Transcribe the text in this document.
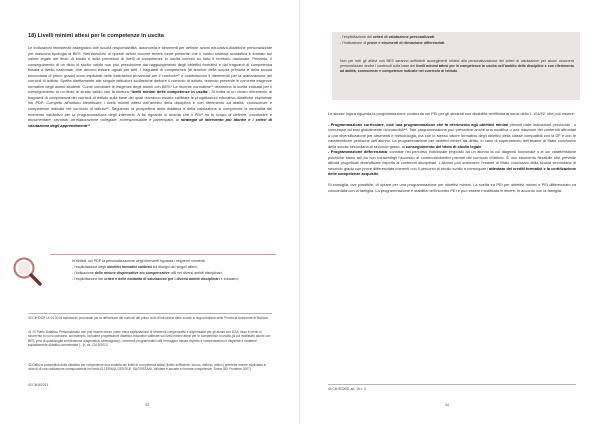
18) Livelli minimi attesi per le competenze in uscita

Le indicazioni ministeriali assegnano alle scuola responsabilità, autonomia e strumenti per definire azioni educativo-didattiche personalizzate per ciascuna tipologia di BES. Nell’esercizio di queste azioni occorre tenere bene presente che il nostro sistema scolastico è fondato sul valore legale del titolo di studio e sulle previsioni di livelli di competenze in uscita comuni su tutto il territorio nazionale. Pertanto, il conseguimento di un titolo di studio valido non può prescindere dal raggiungimento degli obiettivi formativi e dal traguardi di competenza fissata a livello nazionale, che devono essere uguali per tutti. I traguardi di competenza (al termine della scuola primaria e della scuola secondaria di primo grado) sono esplicitati nelle Indicazioni provinciali per il curricolo⁴⁰ e costituiscono il riferimento per la realizzazione dei curricoli di istituto. Spetta direttamente alle singole istituzioni scolastiche definire il curricolo di istituto, tenendo presente le concrete esigenze formative degli alunni-studenti. Come conciliare le esigenze degli alunni con BES? La recente normativa⁴¹ desumma la scelta indicata per il conseguimento di un titolo di studio valido con la dicitura “livelli minimi delle competenze in uscita”. Si tratta di un chiaro riferimento ai traguardi di competenza dei curricoli di istituto sulla base dei quali dovranno essere calibrate le progettazioni educativo-didattiche esplicitate nel PDP. Compete all’istituto identificare i livelli minimi attesi nell’ambito della disciplina e con riferimento ad abilità, conoscenze e competenze indicate nel curricolo di istituto⁴². Seguendo la prospettiva della didattica e della valutazione si comprende la centralità del momento valutativo per la programmazione degli interventi. A tal riguardo si ricorda che il PDP ha lo scopo di definire, monitorare e documentare, secondo un’elaborazione collegiale, corresponsabile e partecipata, la strategie di intervento più idonee e i criteri di valutazione degli apprendimenti⁴³.

In sintesi, nel PDP la personalizzazione degli interventi riguarda i seguenti momenti:
- l’esplicitazione degli obiettivi formativi calibrati sui bisogni dei singoli allievi;
- l’indicazione delle misure dispensative e/o compensative utili nei diversi ambiti disciplinari;
- l’esplicitazione dei criteri e delle modalità di valutazione per i diversi ambiti disciplinari e educativi;
40 Cfr. DGP 14.04.2015 Indicazioni provinciali per la definizione dei curricoli del primo ciclo di istruzione delle scuole in lingua italiana della Provincia Autonoma di Bolzano.
41 «Il Piano Didattico Personalizzato non può essere inteso come mera esplicitazione di strumenti compensativi e dispensativi per gli alunni con DSA; esso è bensì lo strumento in cui si potranno, ad esempio, includere progettazioni didattico-educative calibrate sui livelli minimi attesi per le competenze in uscita (di cui moltissimi alunni con BES, privi di qualsivoglia certificazione diagnostica, abbisognano), strumenti programmatici utili in maggior misura rispetto a compensazioni o dispense a carattere squisitamente didattico-strumentale [...]», cit. CM 8/2013.
42 Della la prospettiva della didattica per competenze una scaletta dei livelli di competenza attesi (livello sufficiente, buono, distinto, ottimo) potrebbe essere esplicitata in vista di di una valutazione corrispondente nel testo ELLERANI, GENTILE, SACRISTANI, Valutare e accade e formare competenze, Torino SEI Frontiere 2007).
43 CM 8/2013.
43
- l’esplicitazione dei criteri di valutazione personalizzati;
- l’indicazione di prove e strumenti di rilevazione differenziati.
Non per tutti gli allievi con BES saranno sufficienti accorgimenti relativi alla personalizzazione dei criteri di valutazione per alcuni occorrerà personalizzare anche i contenuti sulla base dei livelli minimi attesi per le competenze in uscita nell’ambito delle discipline e con riferimento ad abilità, conoscenze e competenze indicate nel curricolo di istituto.

Le stesse logica riguarda la programmazione contenuta nel PEI per gli studenti con disabilità certificata ai sensi della L.104/92, che può essere:

- Programmazione curricolare, cioè una programmazione che fa riferimento agli obiettivi minimi previsti dalle indicazioni provinciali , o comunque ad essi globalmente riconducibili⁴⁴. Tale programmazione può prevedere anche una modifica o una riduzione dei contenuti affrontati o una diversificazione per strumenti e metodologia, ma con lo stesso valore formativo degli obiettivi della classe compatibili con la DF e con le caratteristiche psichiche dell’alunno. La programmazione per obiettivi minimi dà diritto, in caso di superamento dell’esame di Stato conclusivo della scuola secondaria di secondo grado, al conseguimento del titolo di studio legale.

- Programmazione differenziata: consiste nel percorso individuale proposto ad un alunno la cui diagnosi funzionale o le cui caratteristiche psichiche siano tali da non consentirgli l’accesso ai contenuti/obiettivi previsti dal curricolo d’istituto. È uno strumento flessibile che prevede attività progettuali diversificate rispetto ai contenuti disciplinari. L’alunno può sostenere l’esame di Stato conclusivo della scuola secondaria di secondo grado con prove differenziate coerenti con il percorso di studio svolto e conseguire l’attestato dei crediti formativi e la certificazione delle competenze acquisite.

Si consiglia, ove possibile, di optare per una programmazione per obiettivi minimi. La scelta tra PEI per obiettivi minimi e PEI differenziato va concordata con la famiglia. La programmazione è stabilita nell’incontro PEI e può essere modificata in itinere, in accordo con la famiglia.

44 CM 90/2001 art. 15 c. 3.
44
